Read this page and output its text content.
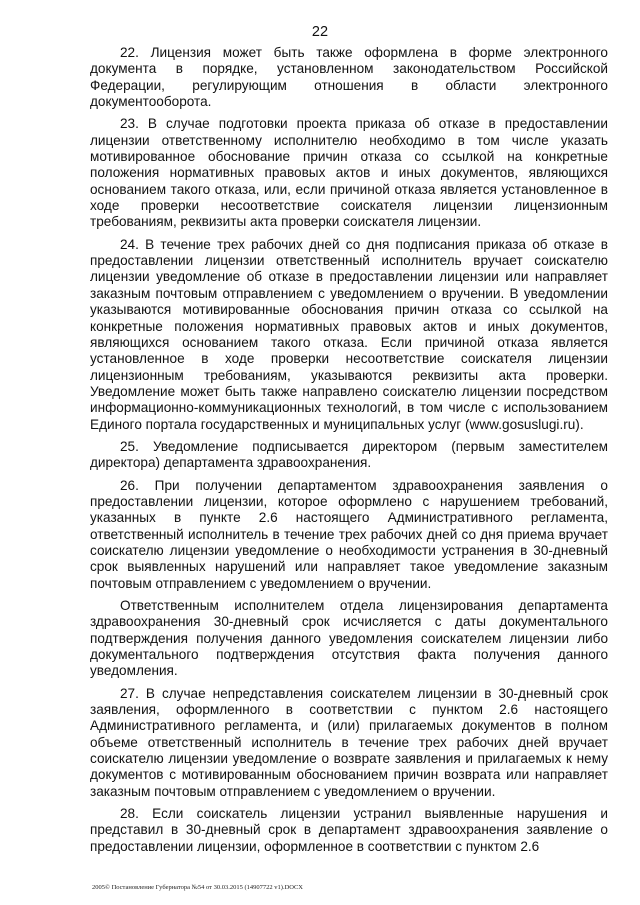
22

22. Лицензия может быть также оформлена в форме электронного документа в порядке, установленном законодательством Российской Федерации, регулирующим отношения в области электронного документооборота.

23. В случае подготовки проекта приказа об отказе в предоставлении лицензии ответственному исполнителю необходимо в том числе указать мотивированное обоснование причин отказа со ссылкой на конкретные положения нормативных правовых актов и иных документов, являющихся основанием такого отказа, или, если причиной отказа является установленное в ходе проверки несоответствие соискателя лицензии лицензионным требованиям, реквизиты акта проверки соискателя лицензии.

24. В течение трех рабочих дней со дня подписания приказа об отказе в предоставлении лицензии ответственный исполнитель вручает соискателю лицензии уведомление об отказе в предоставлении лицензии или направляет заказным почтовым отправлением с уведомлением о вручении. В уведомлении указываются мотивированные обоснования причин отказа со ссылкой на конкретные положения нормативных правовых актов и иных документов, являющихся основанием такого отказа. Если причиной отказа является установленное в ходе проверки несоответствие соискателя лицензии лицензионным требованиям, указываются реквизиты акта проверки. Уведомление может быть также направлено соискателю лицензии посредством информационно-коммуникационных технологий, в том числе с использованием Единого портала государственных и муниципальных услуг (www.gosuslugi.ru).

25. Уведомление подписывается директором (первым заместителем директора) департамента здравоохранения.

26. При получении департаментом здравоохранения заявления о предоставлении лицензии, которое оформлено с нарушением требований, указанных в пункте 2.6 настоящего Административного регламента, ответственный исполнитель в течение трех рабочих дней со дня приема вручает соискателю лицензии уведомление о необходимости устранения в 30-дневный срок выявленных нарушений или направляет такое уведомление заказным почтовым отправлением с уведомлением о вручении.

Ответственным исполнителем отдела лицензирования департамента здравоохранения 30-дневный срок исчисляется с даты документального подтверждения получения данного уведомления соискателем лицензии либо документального подтверждения отсутствия факта получения данного уведомления.

27. В случае непредставления соискателем лицензии в 30-дневный срок заявления, оформленного в соответствии с пунктом 2.6 настоящего Административного регламента, и (или) прилагаемых документов в полном объеме ответственный исполнитель в течение трех рабочих дней вручает соискателю лицензии уведомление о возврате заявления и прилагаемых к нему документов с мотивированным обоснованием причин возврата или направляет заказным почтовым отправлением с уведомлением о вручении.

28. Если соискатель лицензии устранил выявленные нарушения и представил в 30-дневный срок в департамент здравоохранения заявление о предоставлении лицензии, оформленное в соответствии с пунктом 2.6

2005© Постановление Губернатора №54 от 30.03.2015 (14907722 v1).DOCX
